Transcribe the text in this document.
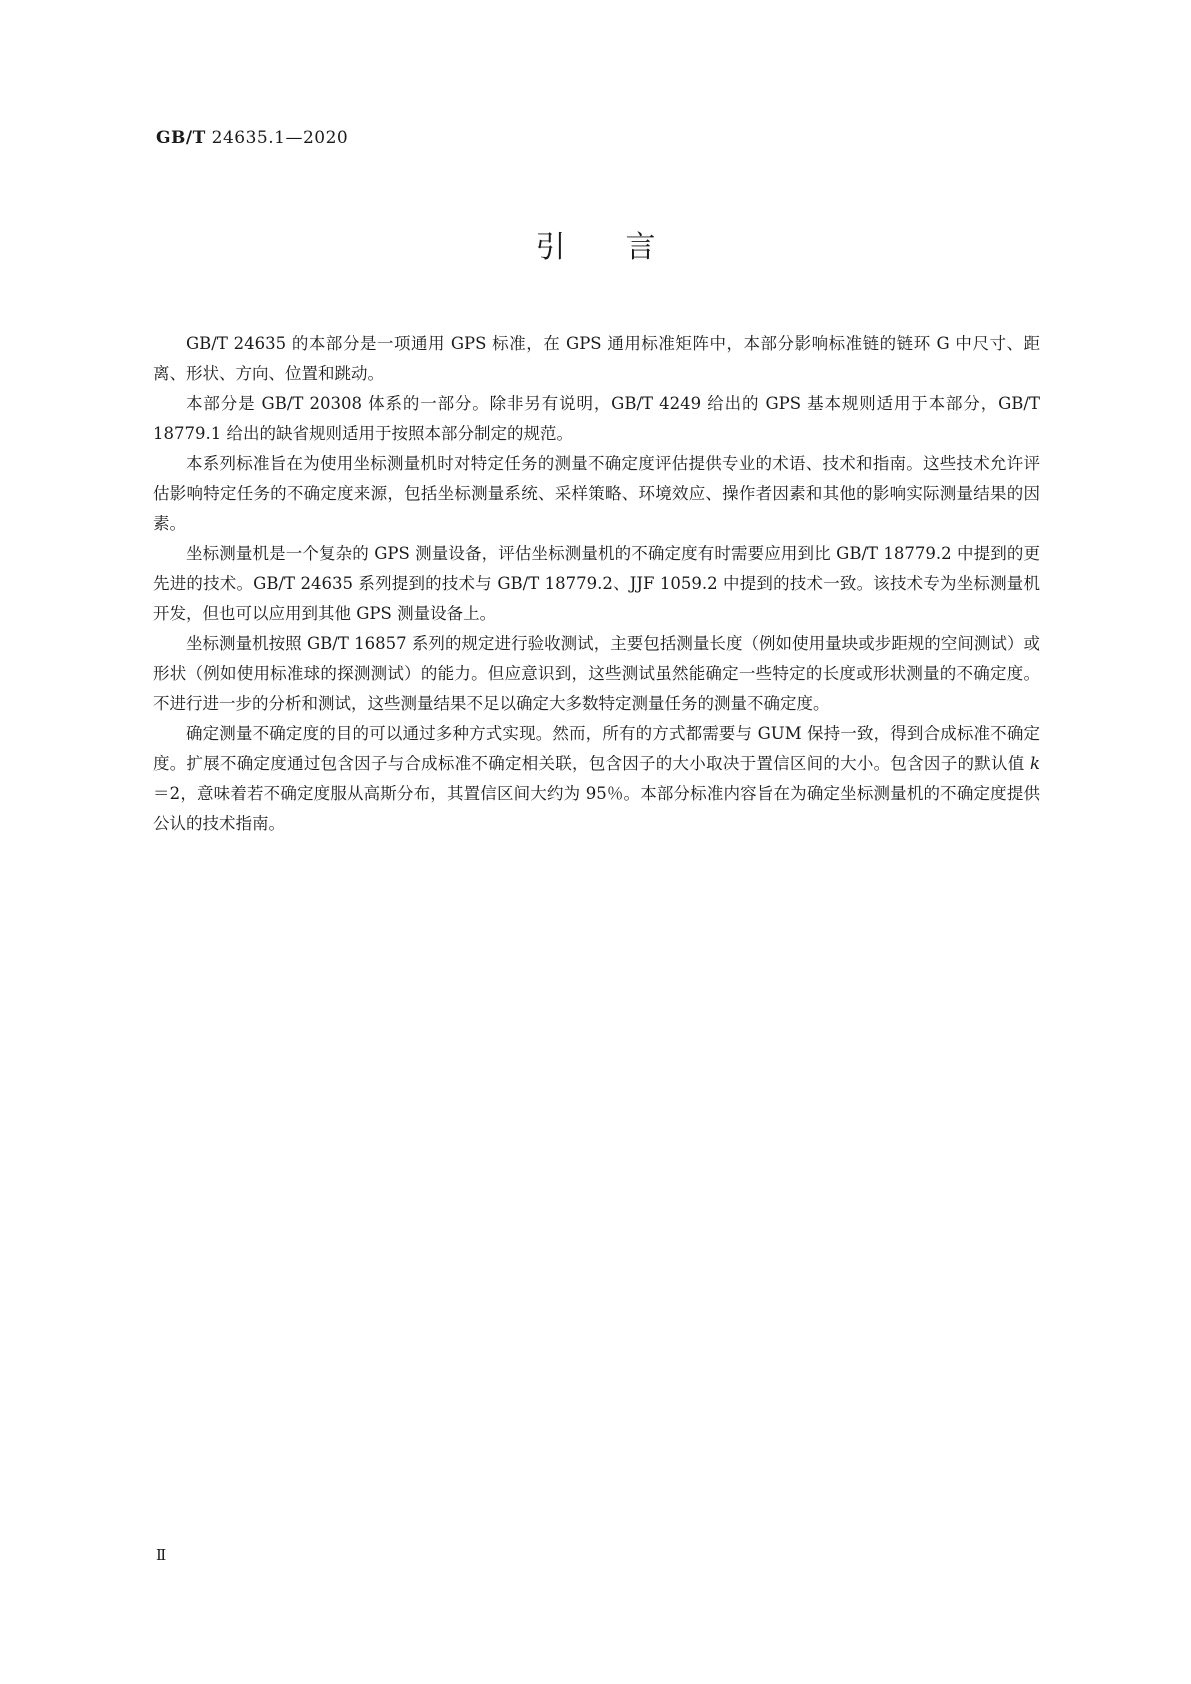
GB/T 24635.1—2020
引言

GB/T 24635 的本部分是一项通用 GPS 标准，在 GPS 通用标准矩阵中，本部分影响标准链的链环 G 中尺寸、距离、形状、方向、位置和跳动。

本部分是 GB/T 20308 体系的一部分。除非另有说明，GB/T 4249 给出的 GPS 基本规则适用于本部分，GB/T 18779.1 给出的缺省规则适用于按照本部分制定的规范。

本系列标准旨在为使用坐标测量机时对特定任务的测量不确定度评估提供专业的术语、技术和指南。这些技术允许评估影响特定任务的不确定度来源，包括坐标测量系统、采样策略、环境效应、操作者因素和其他的影响实际测量结果的因素。

坐标测量机是一个复杂的 GPS 测量设备，评估坐标测量机的不确定度有时需要应用到比 GB/T 18779.2 中提到的更先进的技术。GB/T 24635 系列提到的技术与 GB/T 18779.2、JJF 1059.2 中提到的技术一致。该技术专为坐标测量机开发，但也可以应用到其他 GPS 测量设备上。

坐标测量机按照 GB/T 16857 系列的规定进行验收测试，主要包括测量长度（例如使用量块或步距规的空间测试）或形状（例如使用标准球的探测测试）的能力。但应意识到，这些测试虽然能确定一些特定的长度或形状测量的不确定度。不进行进一步的分析和测试，这些测量结果不足以确定大多数特定测量任务的测量不确定度。

确定测量不确定度的目的可以通过多种方式实现。然而，所有的方式都需要与 GUM 保持一致，得到合成标准不确定度。扩展不确定度通过包含因子与合成标准不确定相关联，包含因子的大小取决于置信区间的大小。包含因子的默认值 k＝2，意味着若不确定度服从高斯分布，其置信区间大约为 95％。本部分标准内容旨在为确定坐标测量机的不确定度提供公认的技术指南。

Ⅱ
